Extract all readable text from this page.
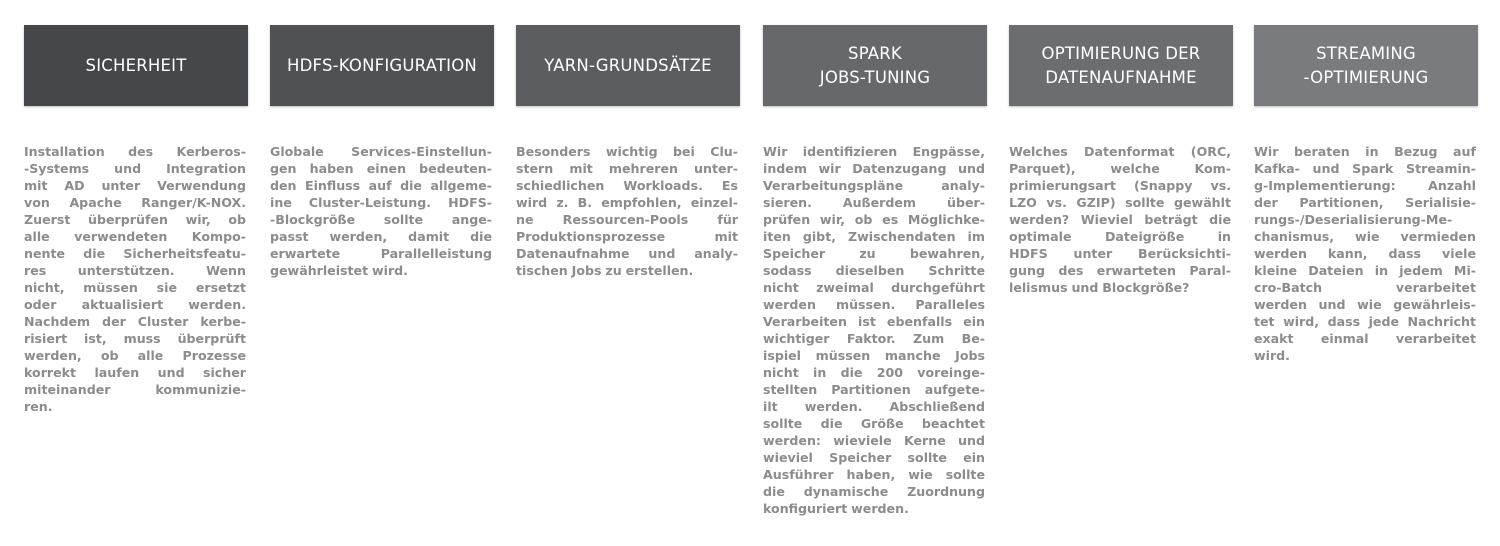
SICHERHEIT
Installation des Kerberos-
-Systems und Integration
mit AD unter Verwendung
von Apache Ranger/K-NOX.
Zuerst überprüfen wir, ob
alle verwendeten Kompo-
nente die Sicherheitsfeatu-
res unterstützen. Wenn
nicht, müssen sie ersetzt
oder aktualisiert werden.
Nachdem der Cluster kerbe-
risiert ist, muss überprüft
werden, ob alle Prozesse
korrekt laufen und sicher
miteinander kommunizie-
ren.
HDFS-KONFIGURATION
Globale Services-Einstellun-
gen haben einen bedeuten-
den Einfluss auf die allgeme-
ine Cluster-Leistung. HDFS-
-Blockgröße sollte ange-
passt werden, damit die
erwartete Parallelleistung
gewährleistet wird.
YARN-GRUNDSÄTZE
Besonders wichtig bei Clu-
stern mit mehreren unter-
schiedlichen Workloads. Es
wird z. B. empfohlen, einzel-
ne Ressourcen-Pools für
Produktionsprozesse mit
Datenaufnahme und analy-
tischen Jobs zu erstellen.
SPARK
JOBS-TUNING
Wir identifizieren Engpässe,
indem wir Datenzugang und
Verarbeitungspläne analy-
sieren. Außerdem über-
prüfen wir, ob es Möglichke-
iten gibt, Zwischendaten im
Speicher zu bewahren,
sodass dieselben Schritte
nicht zweimal durchgeführt
werden müssen. Paralleles
Verarbeiten ist ebenfalls ein
wichtiger Faktor. Zum Be-
ispiel müssen manche Jobs
nicht in die 200 voreinge-
stellten Partitionen aufgete-
ilt werden. Abschließend
sollte die Größe beachtet
werden: wieviele Kerne und
wieviel Speicher sollte ein
Ausführer haben, wie sollte
die dynamische Zuordnung
konfiguriert werden.
OPTIMIERUNG DER
DATENAUFNAHME
Welches Datenformat (ORC,
Parquet), welche Kom-
primierungsart (Snappy vs.
LZO vs. GZIP) sollte gewählt
werden? Wieviel beträgt die
optimale Dateigröße in
HDFS unter Berücksichti-
gung des erwarteten Paral-
lelismus und Blockgröße?
STREAMING
-OPTIMIERUNG
Wir beraten in Bezug auf
Kafka- und Spark Streamin-
g-Implementierung: Anzahl
der Partitionen, Serialisie-
rungs-/Deserialisierung-Me-
chanismus, wie vermieden
werden kann, dass viele
kleine Dateien in jedem Mi-
cro-Batch verarbeitet
werden und wie gewährleis-
tet wird, dass jede Nachricht
exakt einmal verarbeitet
wird.
